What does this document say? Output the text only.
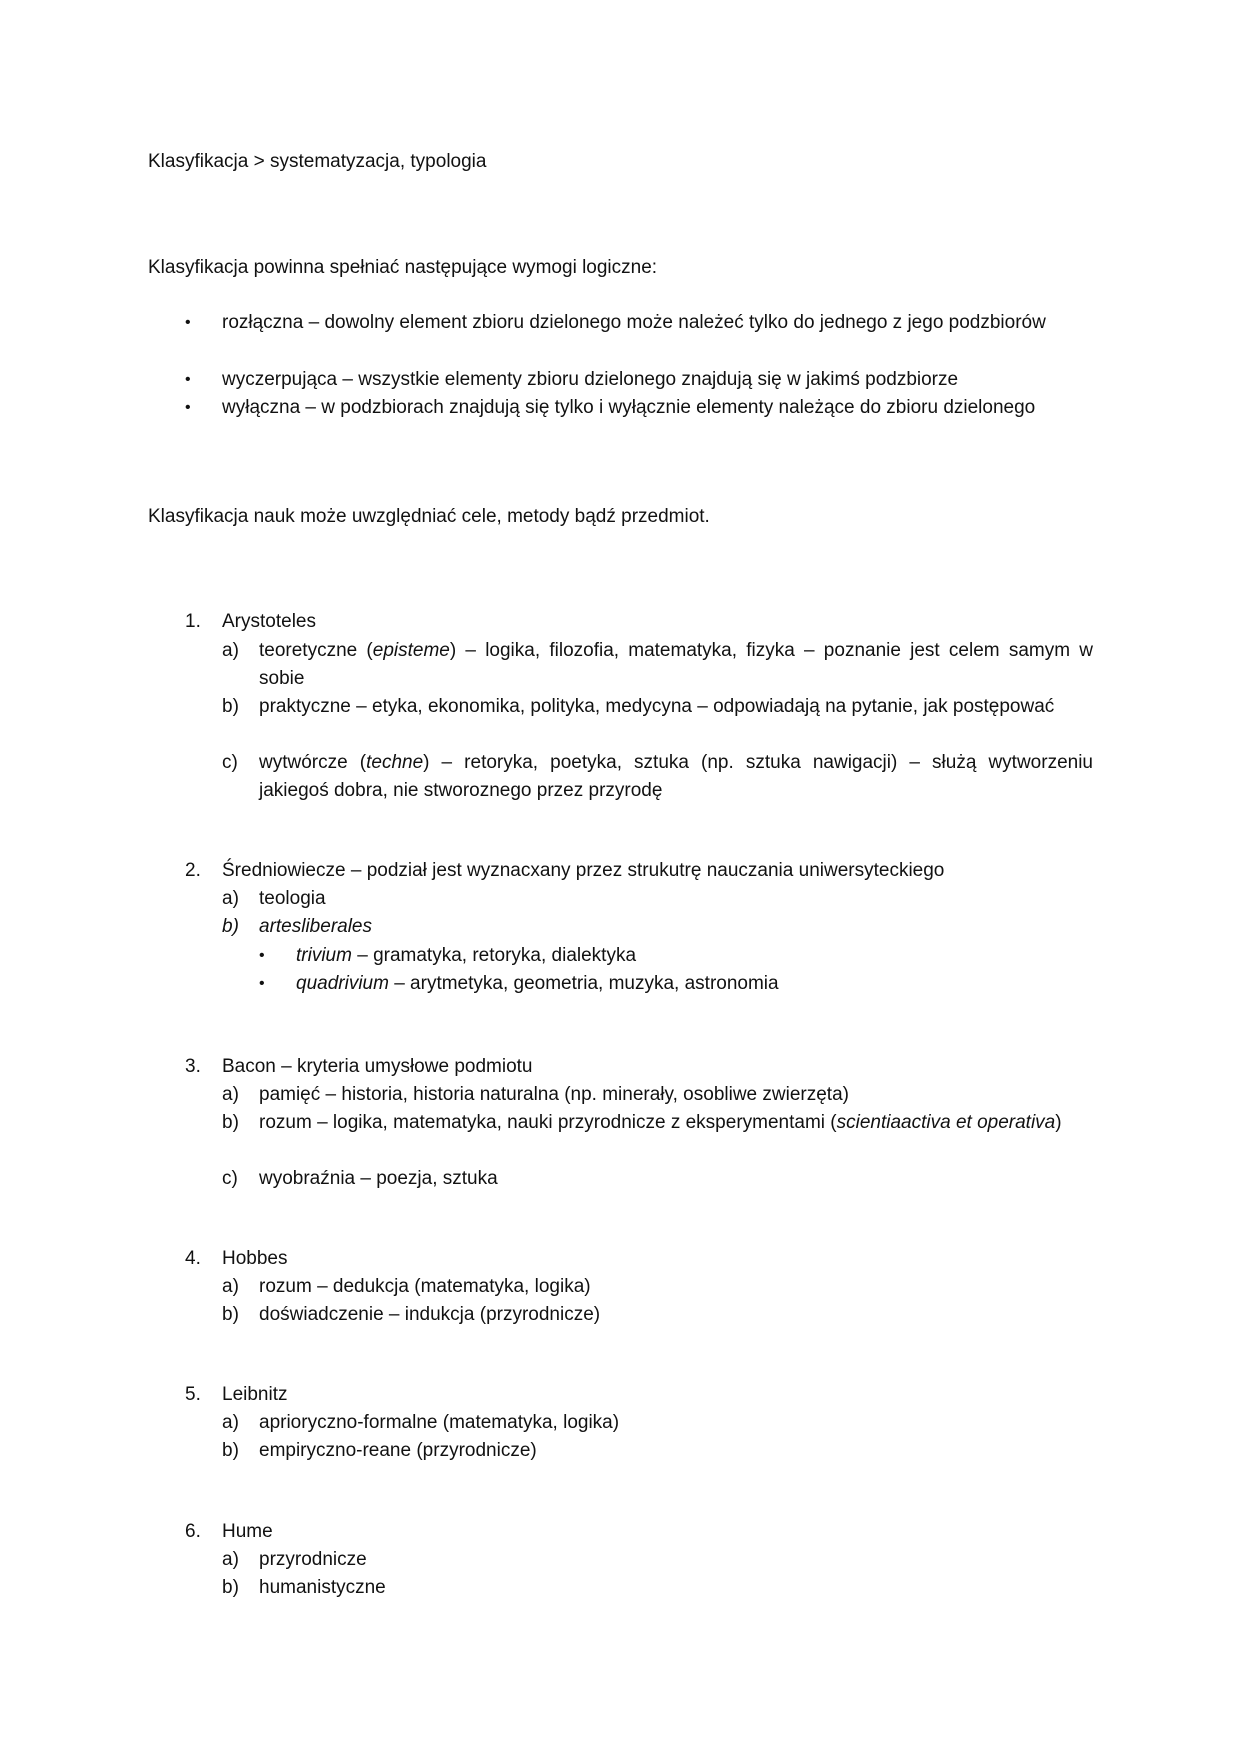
Klasyfikacja > systematyzacja, typologia
Klasyfikacja powinna spełniać następujące wymogi logiczne:
•	rozłączna – dowolny element zbioru dzielonego może należeć tylko do jednego z jego podzbiorów
•	wyczerpująca – wszystkie elementy zbioru dzielonego znajdują się w jakimś podzbiorze
•	wyłączna – w podzbiorach znajdują się tylko i wyłącznie elementy należące do zbioru dzielonego
Klasyfikacja nauk może uwzględniać cele, metody bądź przedmiot.
1.	Arystoteles
a)	teoretyczne (episteme) – logika, filozofia, matematyka, fizyka – poznanie jest celem samym w sobie
b)	praktyczne – etyka, ekonomika, polityka, medycyna – odpowiadają na pytanie, jak postępować
c)	wytwórcze (techne) – retoryka, poetyka, sztuka (np. sztuka nawigacji) – służą wytworzeniu jakiegoś dobra, nie stworoznego przez przyrodę
2.	Średniowiecze – podział jest wyznacxany przez strukutrę nauczania uniwersyteckiego
a)	teologia
b)	artesliberales
•	trivium – gramatyka, retoryka, dialektyka
•	quadrivium – arytmetyka, geometria, muzyka, astronomia
3.	Bacon – kryteria umysłowe podmiotu
a)	pamięć – historia, historia naturalna (np. minerały, osobliwe zwierzęta)
b)	rozum – logika, matematyka, nauki przyrodnicze z eksperymentami (scientiaactiva et operativa)
c)	wyobraźnia – poezja, sztuka
4.	Hobbes
a)	rozum – dedukcja (matematyka, logika)
b)	doświadczenie – indukcja (przyrodnicze)
5.	Leibnitz
a)	aprioryczno-formalne (matematyka, logika)
b)	empiryczno-reane (przyrodnicze)
6.	Hume
a)	przyrodnicze
b)	humanistyczne
